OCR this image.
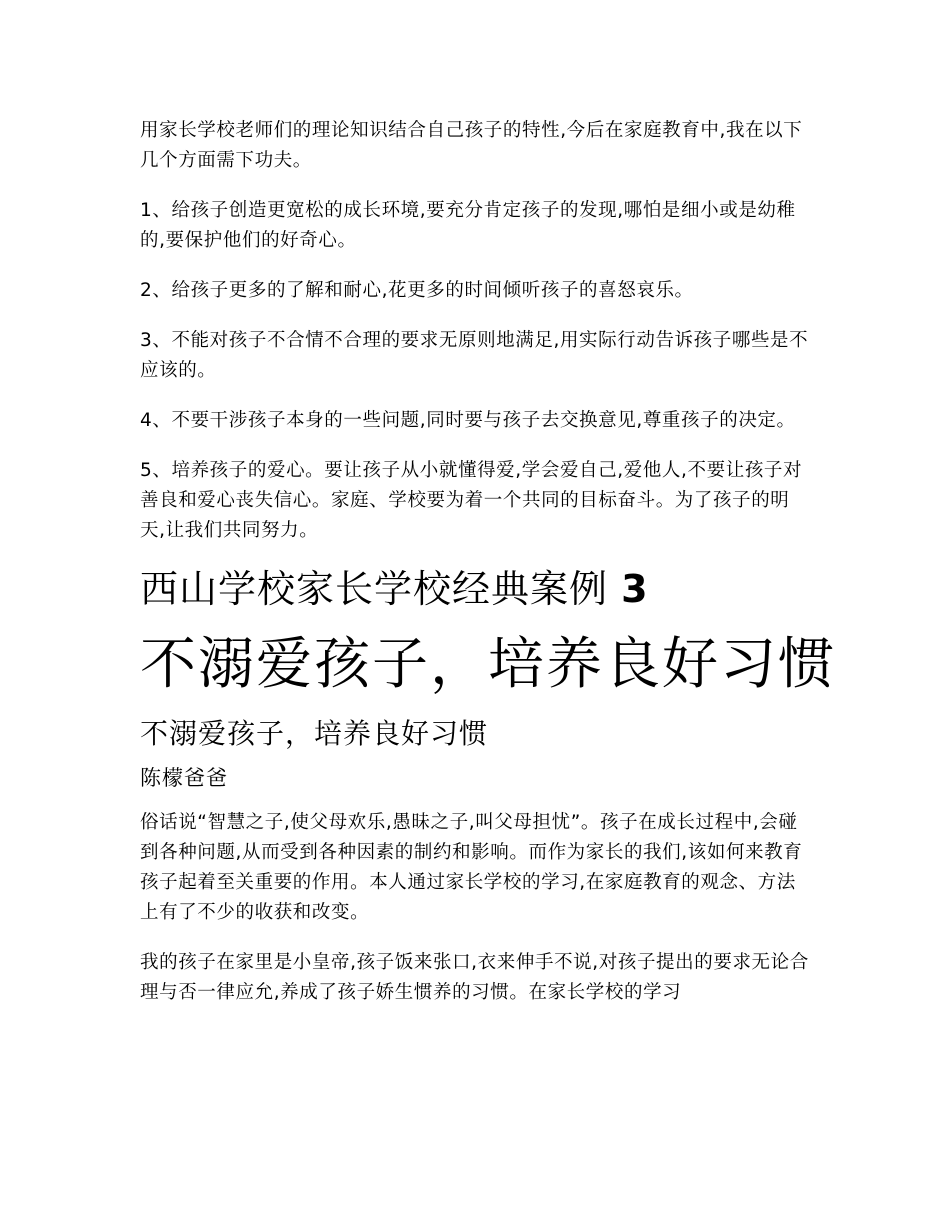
用家长学校老师们的理论知识结合自己孩子的特性,今后在家庭教育中,我在以下几个方面需下功夫。

1、给孩子创造更宽松的成长环境,要充分肯定孩子的发现,哪怕是细小或是幼稚的,要保护他们的好奇心。

2、给孩子更多的了解和耐心,花更多的时间倾听孩子的喜怒哀乐。

3、不能对孩子不合情不合理的要求无原则地满足,用实际行动告诉孩子哪些是不应该的。

4、不要干涉孩子本身的一些问题,同时要与孩子去交换意见,尊重孩子的决定。

5、培养孩子的爱心。要让孩子从小就懂得爱,学会爱自己,爱他人,不要让孩子对善良和爱心丧失信心。家庭、学校要为着一个共同的目标奋斗。为了孩子的明天,让我们共同努力。

西山学校家长学校经典案例 3
不溺爱孩子，培养良好习惯
不溺爱孩子，培养良好习惯

陈檬爸爸

俗话说“智慧之子,使父母欢乐,愚昧之子,叫父母担忧”。孩子在成长过程中,会碰到各种问题,从而受到各种因素的制约和影响。而作为家长的我们,该如何来教育孩子起着至关重要的作用。本人通过家长学校的学习,在家庭教育的观念、方法上有了不少的收获和改变。

我的孩子在家里是小皇帝,孩子饭来张口,衣来伸手不说,对孩子提出的要求无论合理与否一律应允,养成了孩子娇生惯养的习惯。在家长学校的学习
